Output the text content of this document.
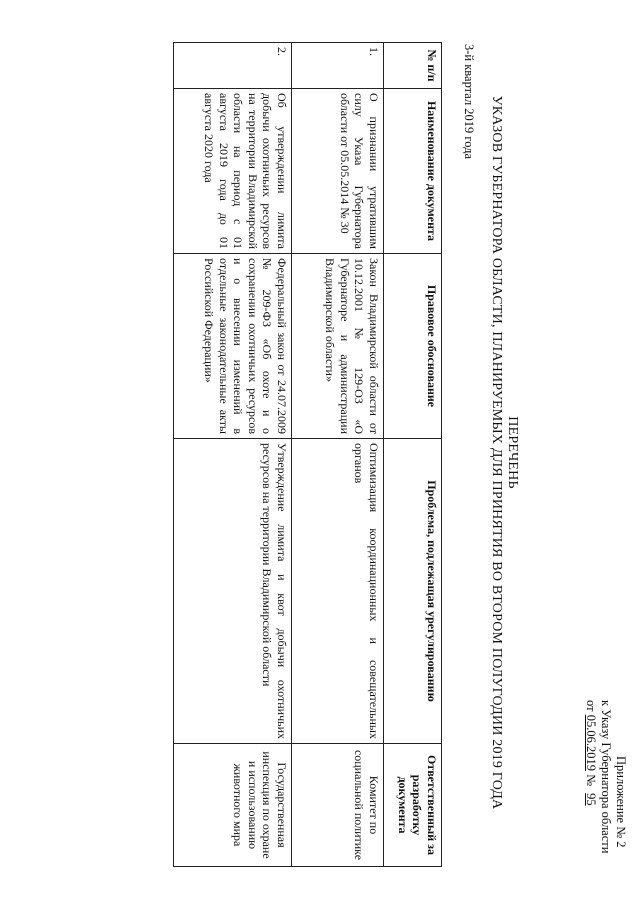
Приложение № 2
к Указу Губернатора области
от 05.06.2019 № 95
ПЕРЕЧЕНЬ
УКАЗОВ ГУБЕРНАТОРА ОБЛАСТИ, ПЛАНИРУЕМЫХ ДЛЯ ПРИНЯТИЯ ВО ВТОРОМ ПОЛУГОДИИ 2019 ГОДА
3-й квартал 2019 года
№ п/п	Наименование документа	Правовое обоснование	Проблема, подлежащая урегулированию	Ответственный за разработку документа
1.	О признании утратившим силу Указа Губернатора области от 05.05.2014 № 30	Закон Владимирской области от 10.12.2001 № 129-ОЗ «О Губернаторе и администрации Владимирской области»	Оптимизация координационных и совещательных органов	Комитет по социальной политике
2.	Об утверждении лимита добычи охотничьих ресурсов на территории Владимирской области на период с 01 августа 2019 года до 01 августа 2020 года	Федеральный закон от 24.07.2009 № 209-ФЗ «Об охоте и о сохранении охотничьих ресурсов и о внесении изменений в отдельные законодательные акты Российской Федерации»	Утверждение лимита и квот добычи охотничьих ресурсов на территории Владимирской области	Государственная инспекция по охране и использованию животного мира
